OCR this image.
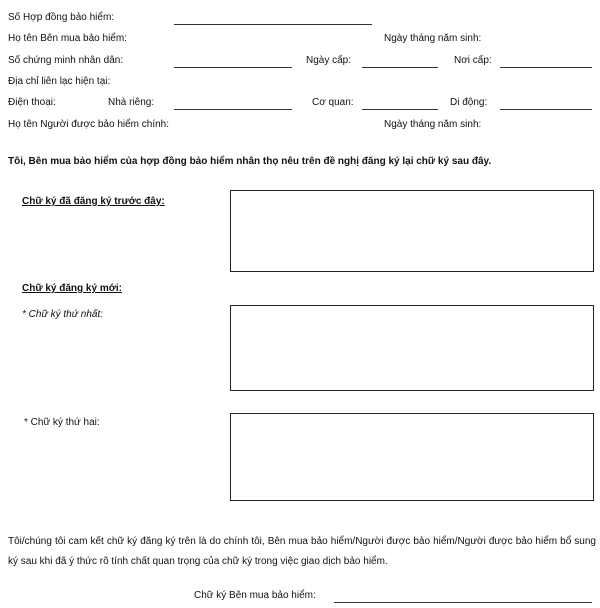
Số Hợp đồng bảo hiểm:
Họ tên Bên mua bảo hiểm:	Ngày tháng năm sinh:
Số chứng minh nhân dân:	Ngày cấp:	Nơi cấp:
Địa chỉ liên lạc hiện tại:
Điện thoại:	Nhà riêng:	Cơ quan:	Di động:
Họ tên Người được bảo hiểm chính:	Ngày tháng năm sinh:
Tôi, Bên mua bảo hiểm của hợp đồng bảo hiểm nhân thọ nêu trên đề nghị đăng ký lại chữ ký sau đây.
Chữ ký đã đăng ký trước đây:
Chữ ký đăng ký mới:
* Chữ ký thứ nhất:
* Chữ ký thứ hai:
Tôi/chúng tôi cam kết chữ ký đăng ký trên là do chính tôi, Bên mua bảo hiểm/Người được bảo hiểm/Người được bảo hiểm bổ sung ký sau khi đã ý thức rõ tính chất quan trọng của chữ ký trong việc giao dịch bảo hiểm.
Chữ ký Bên mua bảo hiểm:
